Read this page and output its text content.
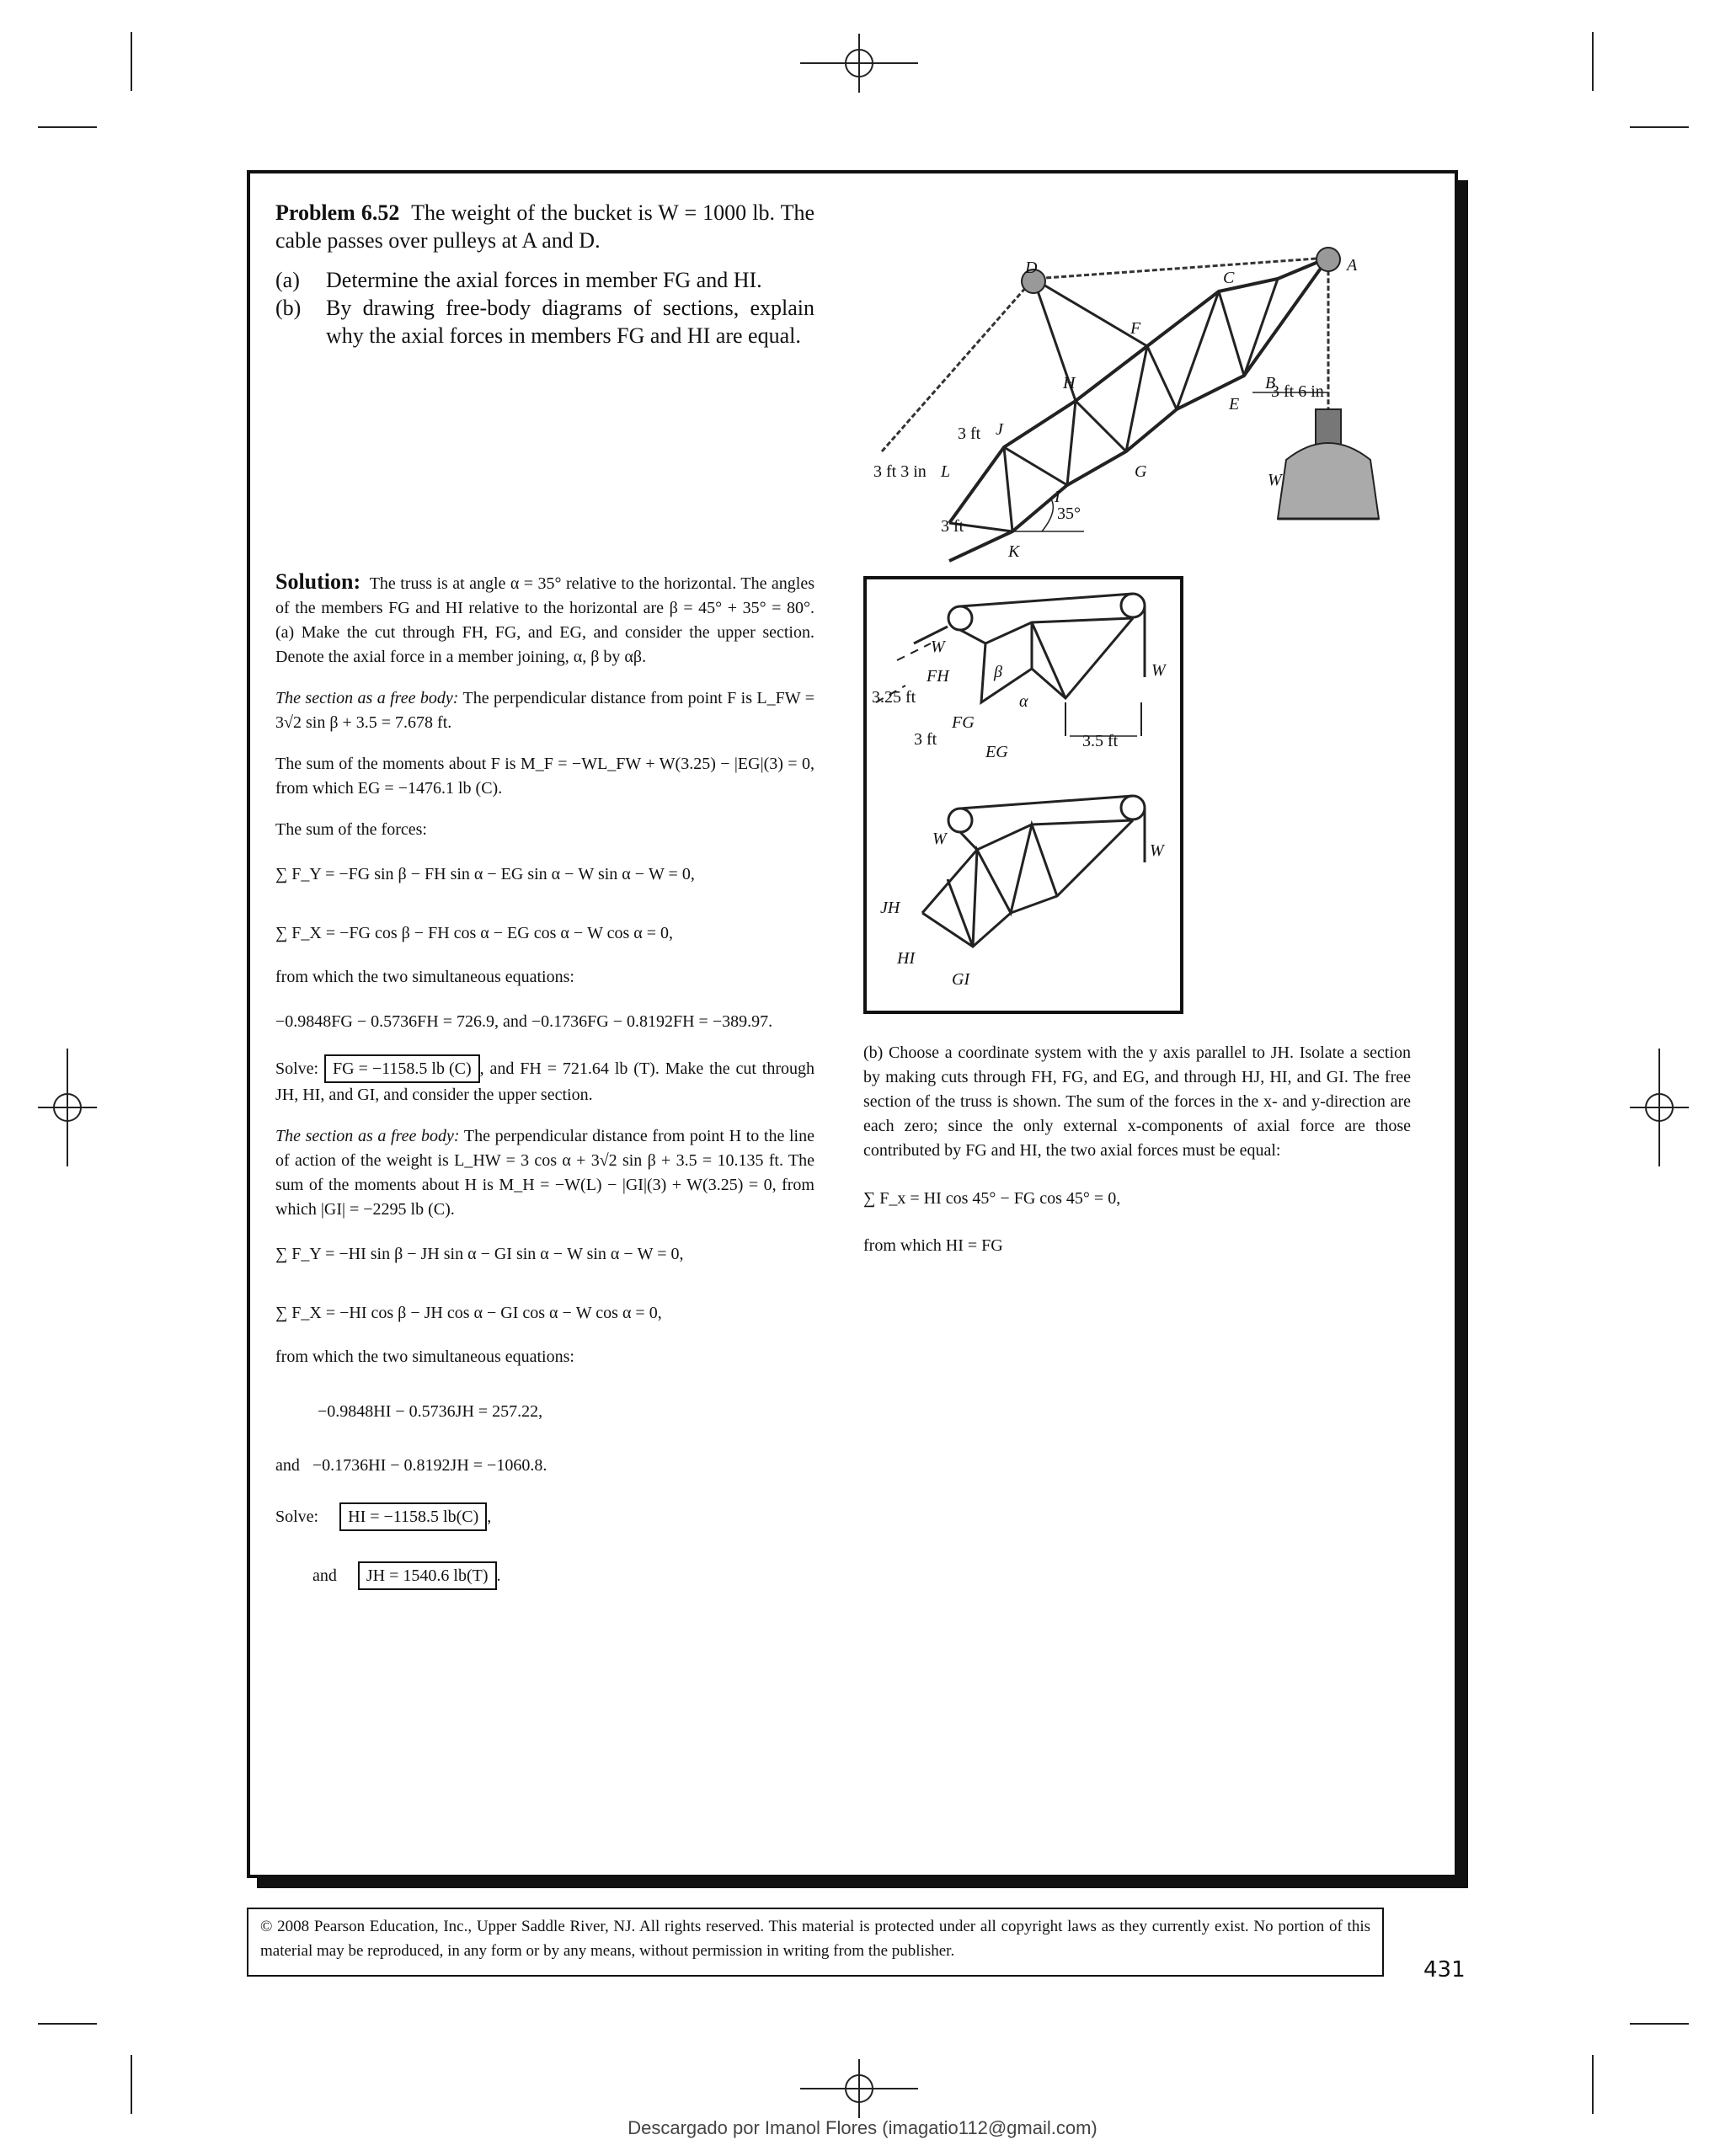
Problem 6.52 The weight of the bucket is W = 1000 lb. The cable passes over pulleys at A and D.

(a)	Determine the axial forces in member FG and HI.
(b)	By drawing free-body diagrams of sections, explain why the axial forces in members FG and HI are equal.
D	A
C
F
H	B
J
E
L	G
I
K
W
3 ft 6 in
3 ft
3 ft 3 in
3 ft
35°

Solution: The truss is at angle α = 35° relative to the horizontal. The angles of the members FG and HI relative to the horizontal are β = 45° + 35° = 80°. (a) Make the cut through FH, FG, and EG, and consider the upper section. Denote the axial force in a member joining, α, β by αβ.

The section as a free body: The perpendicular distance from point F is L_FW = 3√2 sin β + 3.5 = 7.678 ft.

The sum of the moments about F is M_F = −WL_FW + W(3.25) − |EG|(3) = 0, from which EG = −1476.1 lb (C).

The sum of the forces:

∑ F_Y = −FG sin β − FH sin α − EG sin α − W sin α − W = 0,

∑ F_X = −FG cos β − FH cos α − EG cos α − W cos α = 0,

from which the two simultaneous equations:

−0.9848FG − 0.5736FH = 726.9, and −0.1736FG − 0.8192FH = −389.97.

Solve: FG = −1158.5 lb (C) , and FH = 721.64 lb (T). Make the cut through JH, HI, and GI, and consider the upper section.

The section as a free body: The perpendicular distance from point H to the line of action of the weight is L_HW = 3 cos α + 3√2 sin β + 3.5 = 10.135 ft. The sum of the moments about H is M_H = −W(L) − |GI|(3) + W(3.25) = 0, from which |GI| = −2295 lb (C).

∑ F_Y = −HI sin β − JH sin α − GI sin α − W sin α − W = 0,

∑ F_X = −HI cos β − JH cos α − GI cos α − W cos α = 0,

from which the two simultaneous equations:

−0.9848HI − 0.5736JH = 257.22,

and −0.1736HI − 0.8192JH = −1060.8.

Solve: HI = −1158.5 lb(C) ,

and JH = 1540.6 lb(T) .

W
W
FH	β
α
3.25 ft
FG
3 ft
EG
3.5 ft
W
W
JH
HI
GI

(b) Choose a coordinate system with the y axis parallel to JH. Isolate a section by making cuts through FH, FG, and EG, and through HJ, HI, and GI. The free section of the truss is shown. The sum of the forces in the x- and y-direction are each zero; since the only external x-components of axial force are those contributed by FG and HI, the two axial forces must be equal:

∑ F_x = HI cos 45° − FG cos 45° = 0,

from which HI = FG

© 2008 Pearson Education, Inc., Upper Saddle River, NJ. All rights reserved. This material is protected under all copyright laws as they currently exist. No portion of this material may be reproduced, in any form or by any means, without permission in writing from the publisher.
431
Descargado por Imanol Flores (imagatio112@gmail.com)
